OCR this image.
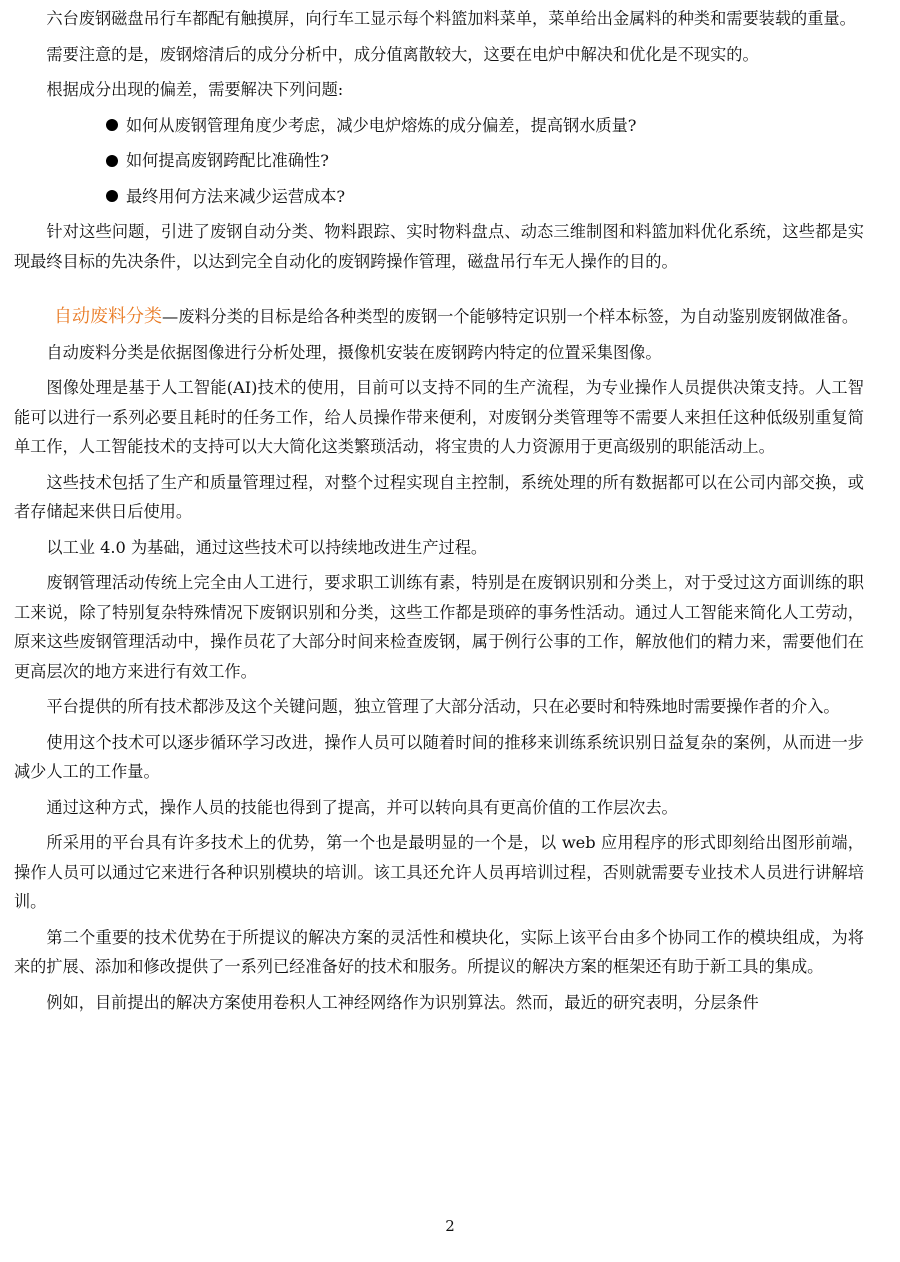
六台废钢磁盘吊行车都配有触摸屏，向行车工显示每个料篮加料菜单，菜单给出金属料的种类和需要装载的重量。

需要注意的是，废钢熔清后的成分分析中，成分值离散较大，这要在电炉中解决和优化是不现实的。

根据成分出现的偏差，需要解决下列问题:

如何从废钢管理角度少考虑，减少电炉熔炼的成分偏差，提高钢水质量?
如何提高废钢跨配比准确性?
最终用何方法来减少运营成本?

针对这些问题，引进了废钢自动分类、物料跟踪、实时物料盘点、动态三维制图和料篮加料优化系统，这些都是实现最终目标的先决条件，以达到完全自动化的废钢跨操作管理，磁盘吊行车无人操作的目的。

自动废料分类—废料分类的目标是给各种类型的废钢一个能够特定识别一个样本标签，为自动鉴别废钢做准备。

自动废料分类是依据图像进行分析处理，摄像机安装在废钢跨内特定的位置采集图像。

图像处理是基于人工智能(AI)技术的使用，目前可以支持不同的生产流程，为专业操作人员提供决策支持。人工智能可以进行一系列必要且耗时的任务工作，给人员操作带来便利，对废钢分类管理等不需要人来担任这种低级别重复简单工作，人工智能技术的支持可以大大简化这类繁琐活动，将宝贵的人力资源用于更高级别的职能活动上。

这些技术包括了生产和质量管理过程，对整个过程实现自主控制，系统处理的所有数据都可以在公司内部交换，或者存储起来供日后使用。

以工业 4.0 为基础，通过这些技术可以持续地改进生产过程。

废钢管理活动传统上完全由人工进行，要求职工训练有素，特别是在废钢识别和分类上，对于受过这方面训练的职工来说，除了特别复杂特殊情况下废钢识别和分类，这些工作都是琐碎的事务性活动。通过人工智能来简化人工劳动，原来这些废钢管理活动中，操作员花了大部分时间来检查废钢，属于例行公事的工作，解放他们的精力来，需要他们在更高层次的地方来进行有效工作。

平台提供的所有技术都涉及这个关键问题，独立管理了大部分活动，只在必要时和特殊地时需要操作者的介入。

使用这个技术可以逐步循环学习改进，操作人员可以随着时间的推移来训练系统识别日益复杂的案例，从而进一步减少人工的工作量。

通过这种方式，操作人员的技能也得到了提高，并可以转向具有更高价值的工作层次去。

所采用的平台具有许多技术上的优势，第一个也是最明显的一个是，以 web 应用程序的形式即刻给出图形前端，操作人员可以通过它来进行各种识别模块的培训。该工具还允许人员再培训过程，否则就需要专业技术人员进行讲解培训。

第二个重要的技术优势在于所提议的解决方案的灵活性和模块化，实际上该平台由多个协同工作的模块组成，为将来的扩展、添加和修改提供了一系列已经准备好的技术和服务。所提议的解决方案的框架还有助于新工具的集成。

例如，目前提出的解决方案使用卷积人工神经网络作为识别算法。然而，最近的研究表明，分层条件

2
